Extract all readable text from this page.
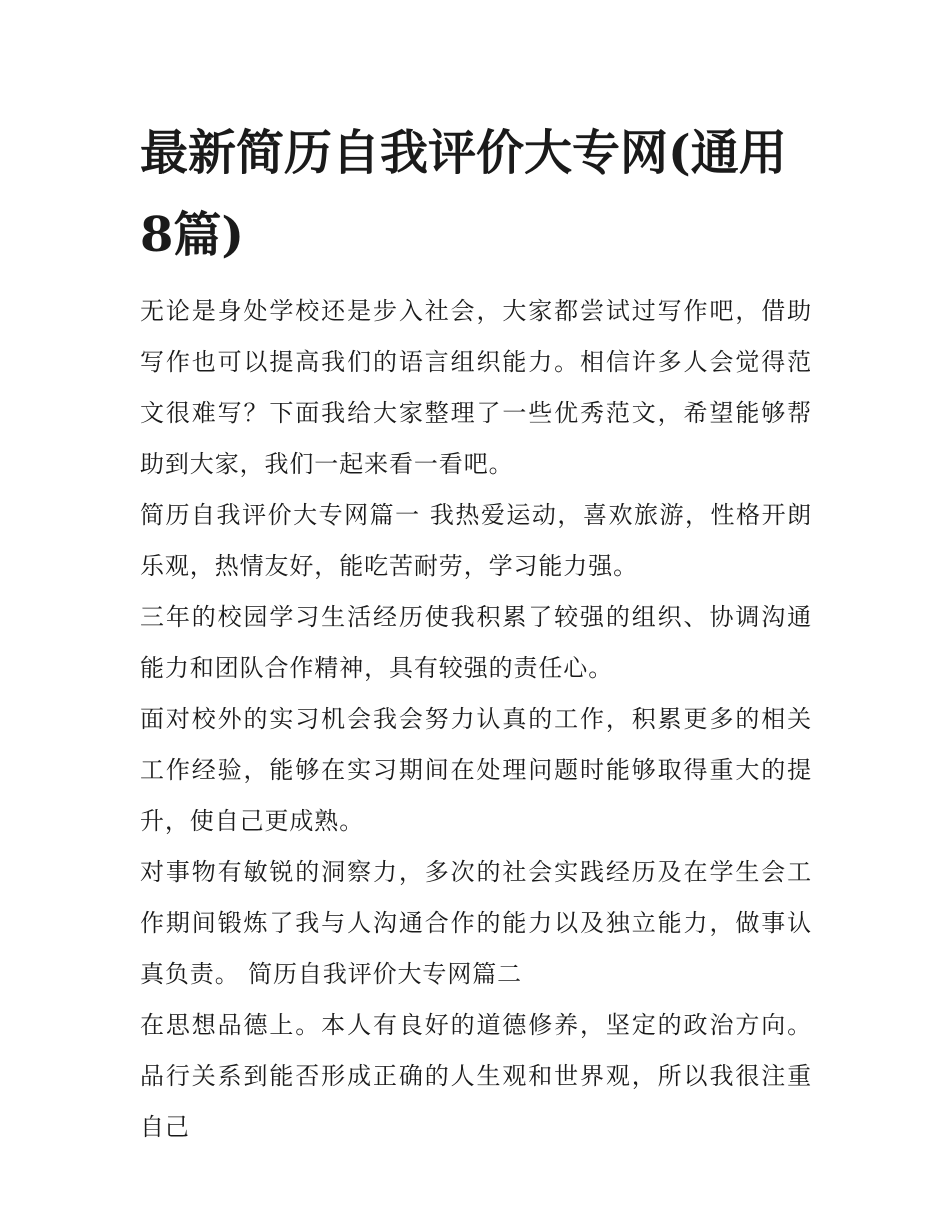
最新简历自我评价大专网(通用8篇)

无论是身处学校还是步入社会，大家都尝试过写作吧，借助写作也可以提高我们的语言组织能力。相信许多人会觉得范文很难写？下面我给大家整理了一些优秀范文，希望能够帮助到大家，我们一起来看一看吧。

简历自我评价大专网篇一 我热爱运动，喜欢旅游，性格开朗乐观，热情友好，能吃苦耐劳，学习能力强。

三年的校园学习生活经历使我积累了较强的组织、协调沟通能力和团队合作精神，具有较强的责任心。

面对校外的实习机会我会努力认真的工作，积累更多的相关工作经验，能够在实习期间在处理问题时能够取得重大的提升，使自己更成熟。

对事物有敏锐的洞察力，多次的社会实践经历及在学生会工作期间锻炼了我与人沟通合作的能力以及独立能力，做事认真负责。 简历自我评价大专网篇二

在思想品德上。本人有良好的道德修养，坚定的政治方向。品行关系到能否形成正确的人生观和世界观，所以我很注重自己
